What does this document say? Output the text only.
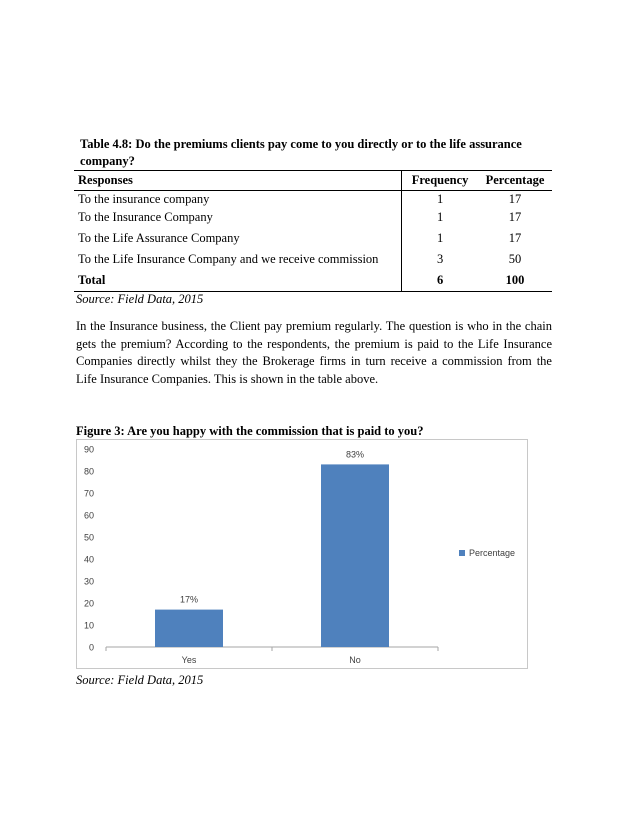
Table 4.8: Do the premiums clients pay come to you directly or to the life assurance company?
Responses	Frequency	Percentage
To the insurance company	1	17
To the Insurance Company	1	17
To the Life Assurance Company	1	17
To the Life Insurance Company and we receive commission	3	50
Total	6	100
Source: Field Data, 2015

In the Insurance business, the Client pay premium regularly. The question is who in the chain gets the premium? According to the respondents, the premium is paid to the Life Insurance Companies directly whilst they the Brokerage firms in turn receive a commission from the Life Insurance Companies. This is shown in the table above.

Figure 3: Are you happy with the commission that is paid to you?
0
10
20
30
40
50
60
70
80
90
17%
Yes
83%
No
Percentage
Source: Field Data, 2015
